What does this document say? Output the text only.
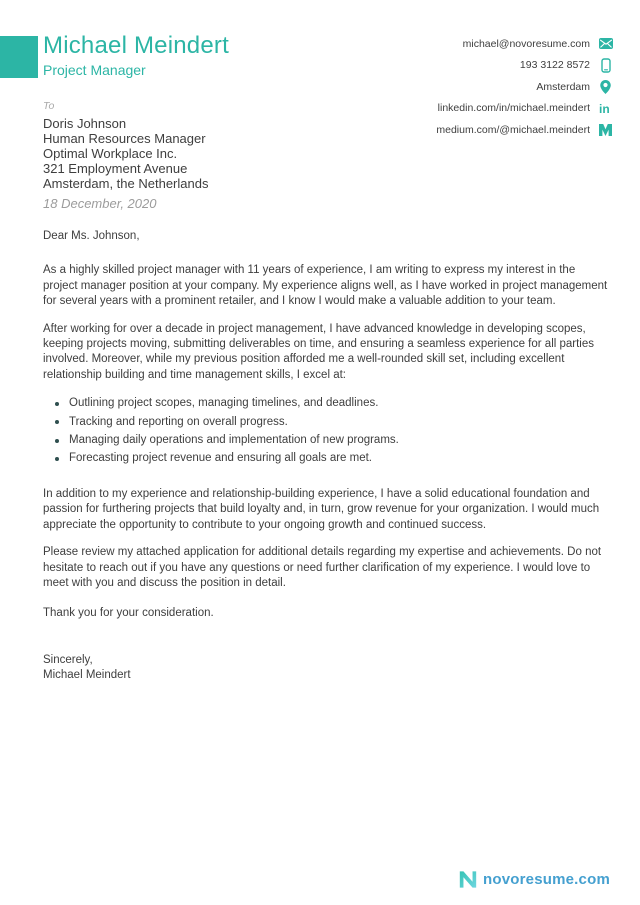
Michael Meindert
Project Manager
michael@novoresume.com
193 3122 8572
Amsterdam
linkedin.com/in/michael.meindert in
medium.com/@michael.meindert
To
Doris Johnson
Human Resources Manager
Optimal Workplace Inc.
321 Employment Avenue
Amsterdam, the Netherlands
18 December, 2020

Dear Ms. Johnson,

As a highly skilled project manager with 11 years of experience, I am writing to express my interest in the project manager position at your company. My experience aligns well, as I have worked in project management for several years with a prominent retailer, and I know I would make a valuable addition to your team.

After working for over a decade in project management, I have advanced knowledge in developing scopes, keeping projects moving, submitting deliverables on time, and ensuring a seamless experience for all parties involved. Moreover, while my previous position afforded me a well-rounded skill set, including excellent relationship building and time management skills, I excel at:

Outlining project scopes, managing timelines, and deadlines.
Tracking and reporting on overall progress.
Managing daily operations and implementation of new programs.
Forecasting project revenue and ensuring all goals are met.

In addition to my experience and relationship-building experience, I have a solid educational foundation and passion for furthering projects that build loyalty and, in turn, grow revenue for your organization. I would much appreciate the opportunity to contribute to your ongoing growth and continued success.

Please review my attached application for additional details regarding my expertise and achievements. Do not hesitate to reach out if you have any questions or need further clarification of my experience. I would love to meet with you and discuss the position in detail.

Thank you for your consideration.

Sincerely,
Michael Meindert
novoresume.com
